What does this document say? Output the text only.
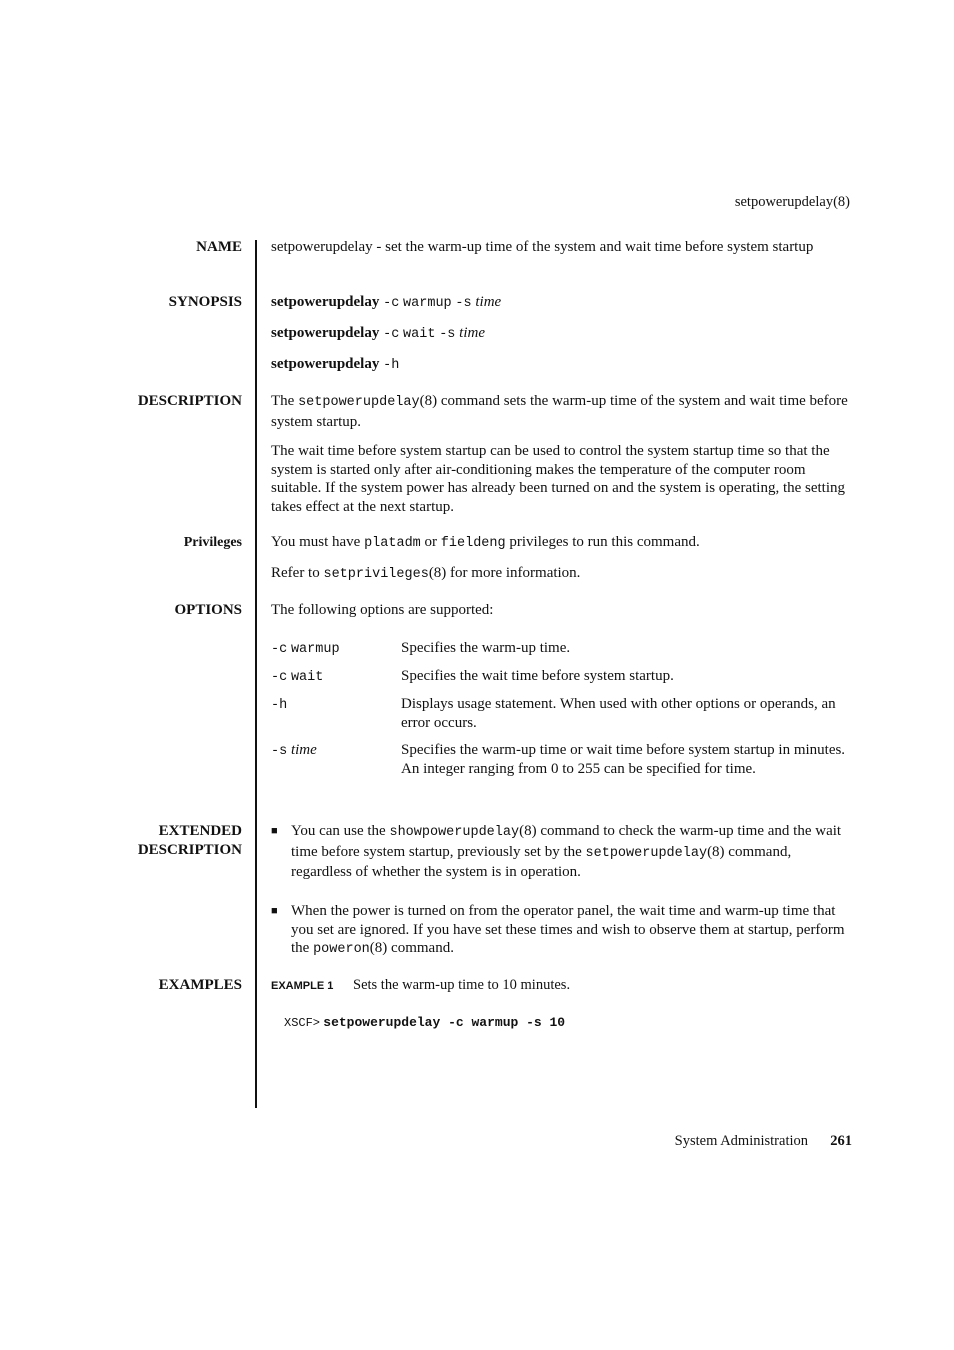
setpowerupdelay(8)
NAME setpowerupdelay - set the warm-up time of the system and wait time before system startup
SYNOPSIS setpowerupdelay -c warmup -s time
setpowerupdelay -c wait -s time
setpowerupdelay -h
DESCRIPTION The setpowerupdelay(8) command sets the warm-up time of the system and wait time before system startup.

The wait time before system startup can be used to control the system startup time so that the system is started only after air-conditioning makes the temperature of the computer room suitable. If the system power has already been turned on and the system is operating, the setting takes effect at the next startup.

Privileges You must have platadm or fieldeng privileges to run this command.

Refer to setprivileges(8) for more information.

OPTIONS The following options are supported:

-c warmup	Specifies the warm-up time.
-c wait	Specifies the wait time before system startup.
-h	Displays usage statement. When used with other options or operands, an error occurs.
-s time	Specifies the warm-up time or wait time before system startup in minutes. An integer ranging from 0 to 255 can be specified for time.
EXTENDED
DESCRIPTION
■ You can use the showpowerupdelay(8) command to check the warm-up time and the wait time before system startup, previously set by the setpowerupdelay(8) command, regardless of whether the system is in operation.

■ When the power is turned on from the operator panel, the wait time and warm-up time that you set are ignored. If you have set these times and wish to observe them at startup, perform the poweron(8) command.

EXAMPLES	EXAMPLE 1 Sets the warm-up time to 10 minutes.
XSCF> setpowerupdelay -c warmup -s 10
System Administration 261
